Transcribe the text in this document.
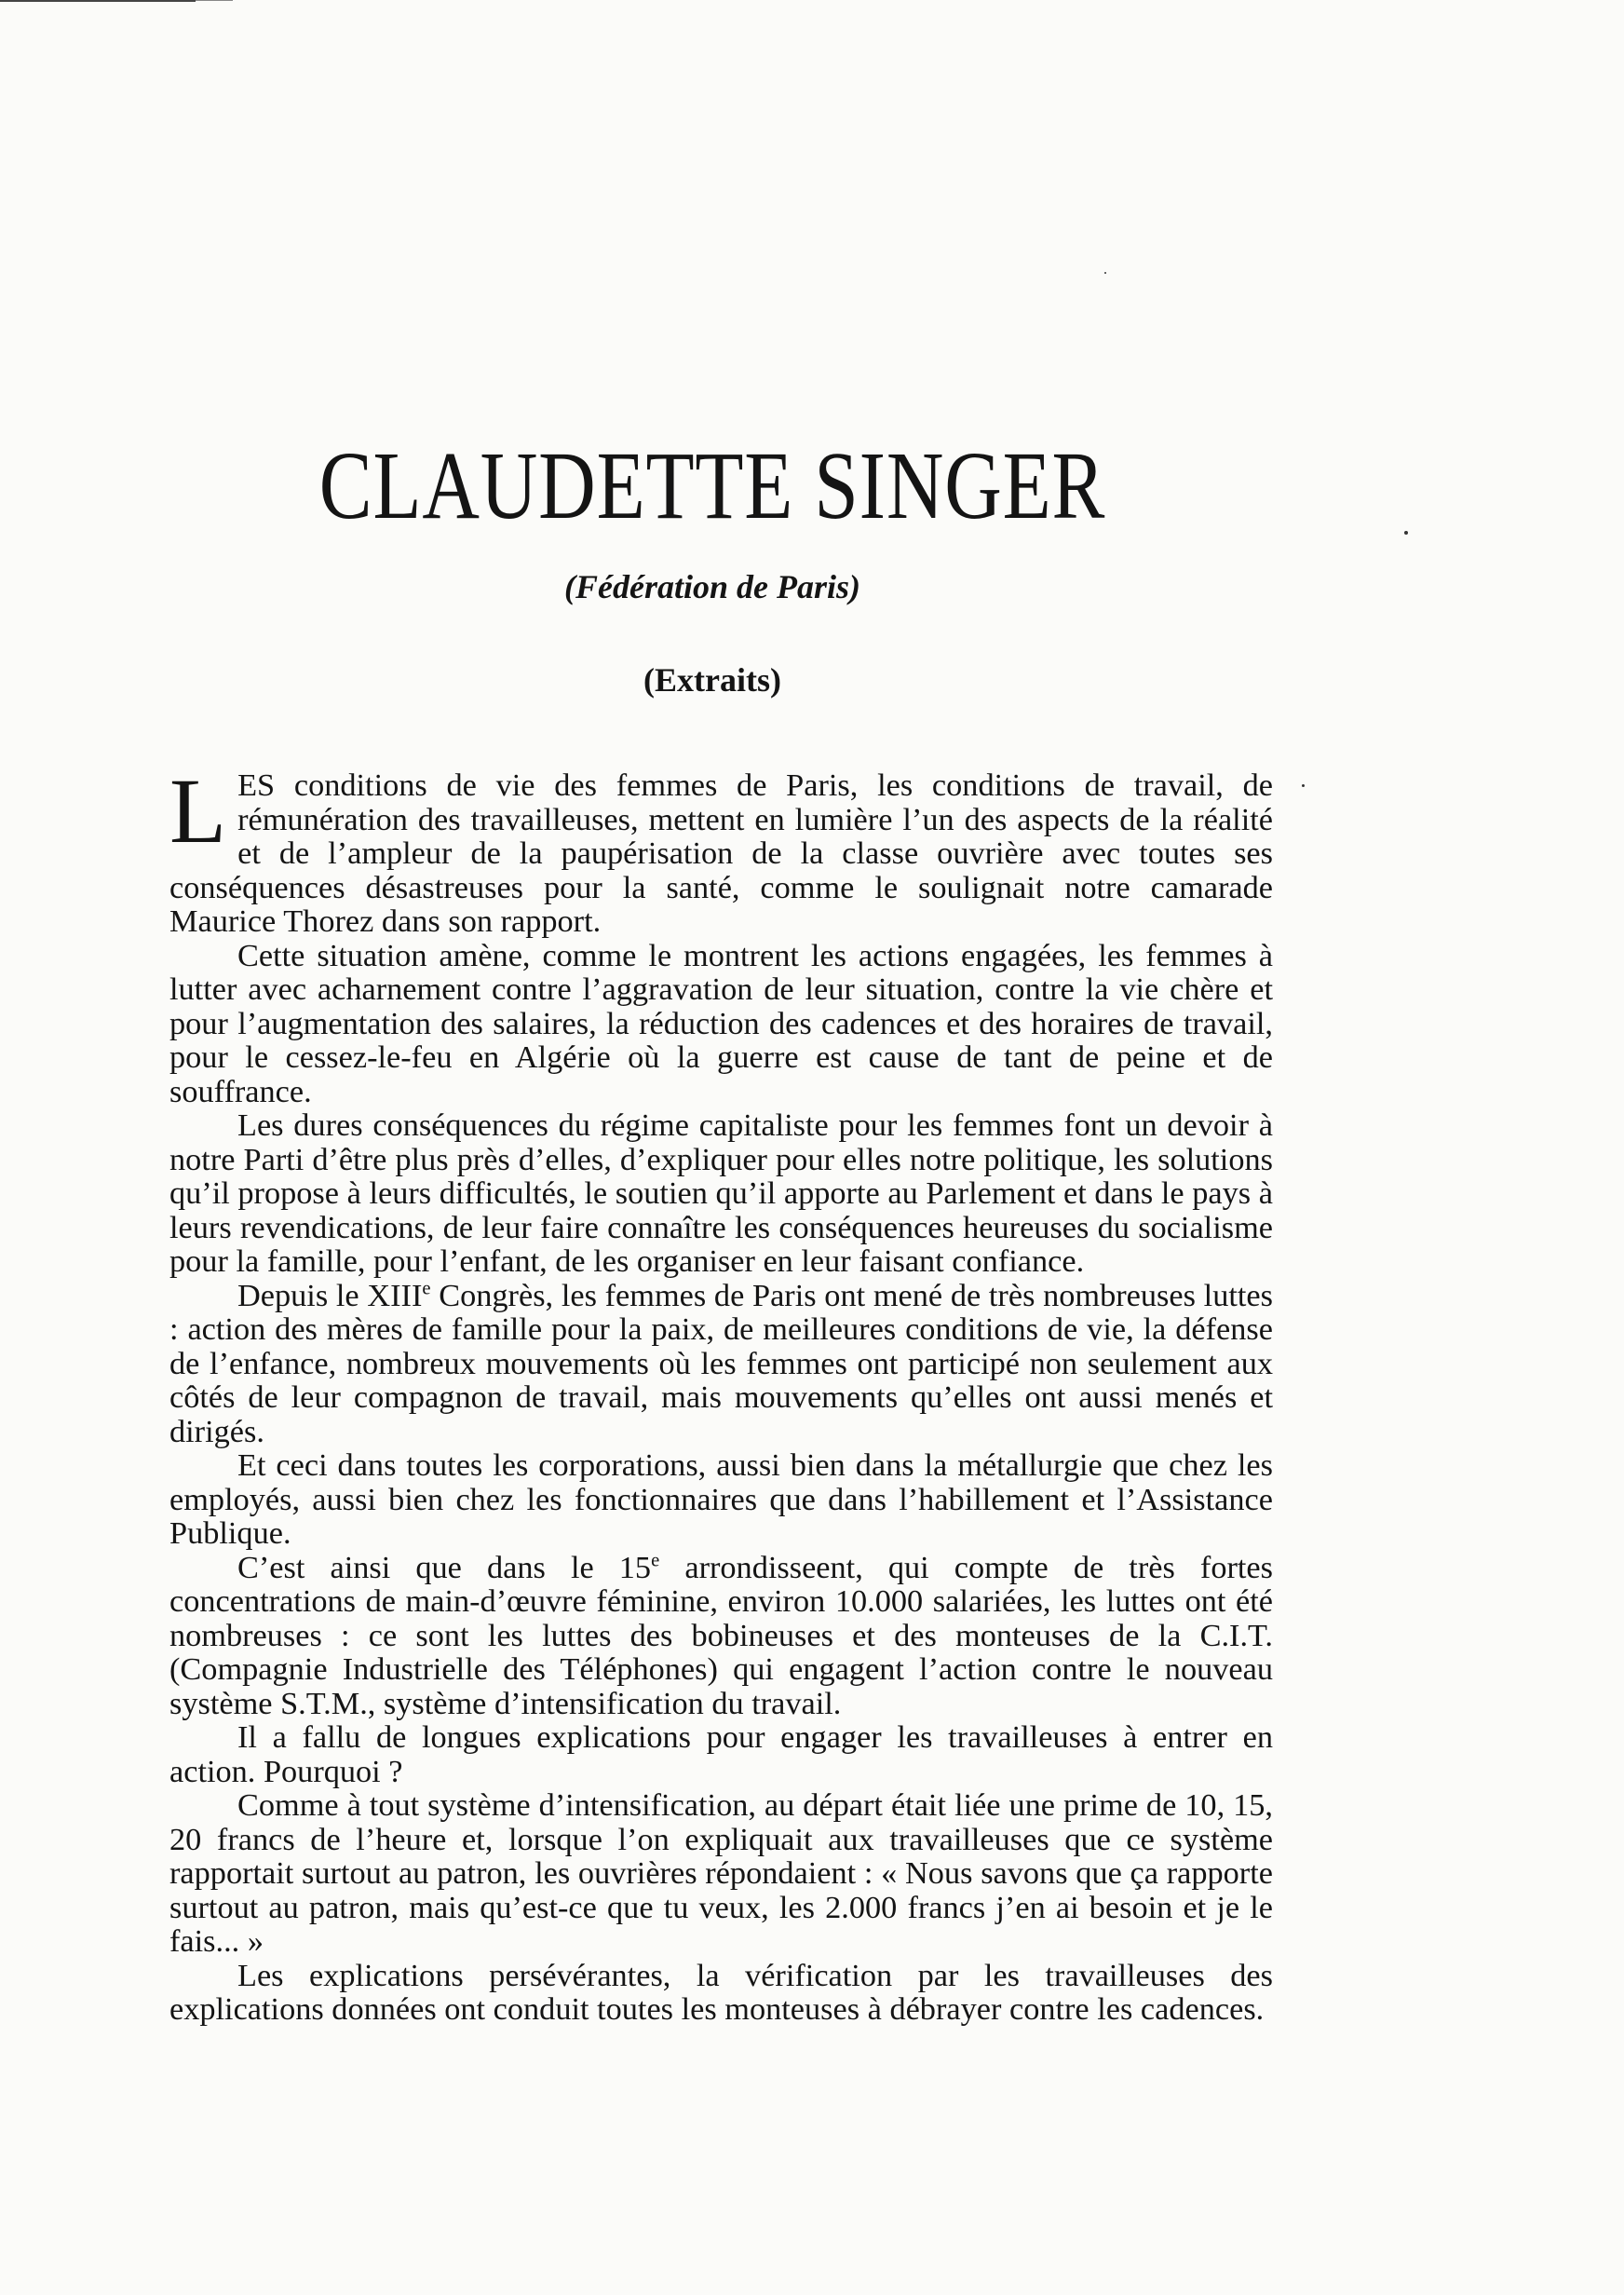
CLAUDETTE SINGER
(Fédération de Paris)
(Extraits)

LES conditions de vie des femmes de Paris, les conditions de travail, de rémunération des travailleuses, mettent en lumière l’un des aspects de la réalité et de l’ampleur de la paupérisation de la classe ouvrière avec toutes ses conséquences désastreuses pour la santé, comme le soulignait notre camarade Maurice Thorez dans son rapport.

Cette situation amène, comme le montrent les actions engagées, les femmes à lutter avec acharnement contre l’aggravation de leur situation, contre la vie chère et pour l’augmentation des salaires, la réduction des cadences et des horaires de travail, pour le cessez-le-feu en Algérie où la guerre est cause de tant de peine et de souffrance.

Les dures conséquences du régime capitaliste pour les femmes font un devoir à notre Parti d’être plus près d’elles, d’expliquer pour elles notre politique, les solutions qu’il propose à leurs difficultés, le soutien qu’il apporte au Parlement et dans le pays à leurs revendications, de leur faire connaître les conséquences heureuses du socialisme pour la famille, pour l’enfant, de les organiser en leur faisant confiance.

Depuis le XIIIe Congrès, les femmes de Paris ont mené de très nombreuses luttes : action des mères de famille pour la paix, de meilleures conditions de vie, la défense de l’enfance, nombreux mouvements où les femmes ont participé non seulement aux côtés de leur compagnon de travail, mais mouvements qu’elles ont aussi menés et dirigés.

Et ceci dans toutes les corporations, aussi bien dans la métallurgie que chez les employés, aussi bien chez les fonctionnaires que dans l’habillement et l’Assistance Publique.

C’est ainsi que dans le 15e arrondisseent, qui compte de très fortes concentrations de main-d’œuvre féminine, environ 10.000 salariées, les luttes ont été nombreuses : ce sont les luttes des bobineuses et des monteuses de la C.I.T. (Compagnie Industrielle des Téléphones) qui engagent l’action contre le nouveau système S.T.M., système d’intensification du travail.

Il a fallu de longues explications pour engager les travailleuses à entrer en action. Pourquoi ?

Comme à tout système d’intensification, au départ était liée une prime de 10, 15, 20 francs de l’heure et, lorsque l’on expliquait aux travailleuses que ce système rapportait surtout au patron, les ouvrières répondaient : « Nous savons que ça rapporte surtout au patron, mais qu’est-ce que tu veux, les 2.000 francs j’en ai besoin et je le fais... »

Les explications persévérantes, la vérification par les travailleuses des explications données ont conduit toutes les monteuses à débrayer contre les cadences.
